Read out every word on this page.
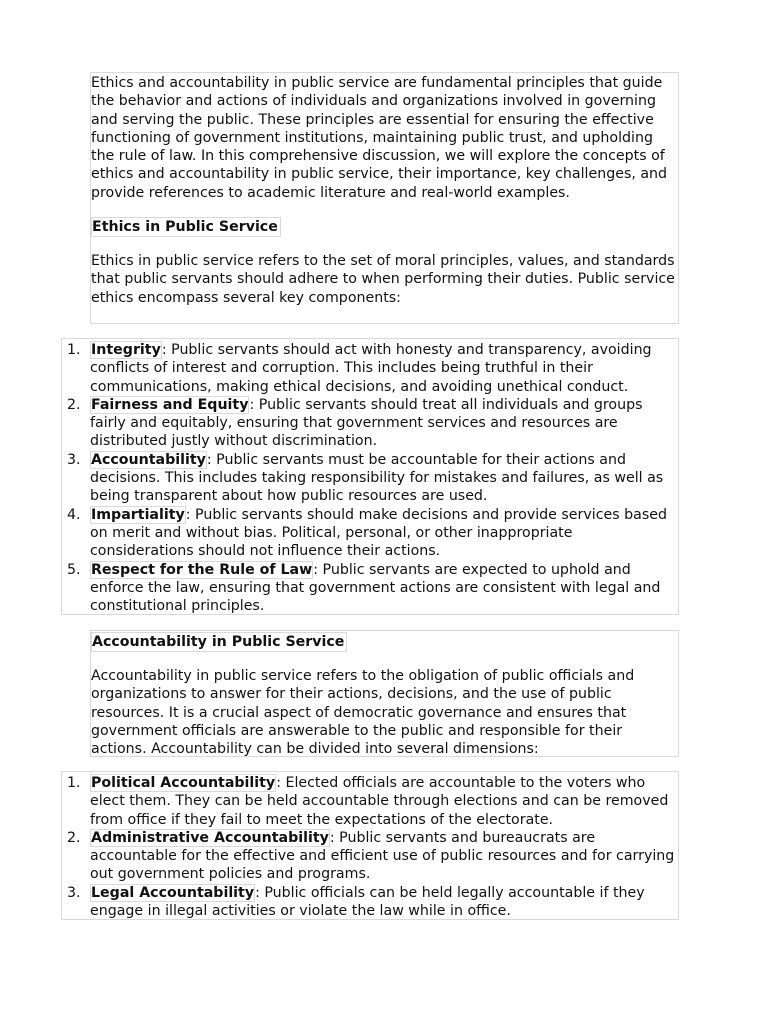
Ethics and accountability in public service are fundamental principles that guide the behavior and actions of individuals and organizations involved in governing and serving the public. These principles are essential for ensuring the effective functioning of government institutions, maintaining public trust, and upholding the rule of law. In this comprehensive discussion, we will explore the concepts of ethics and accountability in public service, their importance, key challenges, and provide references to academic literature and real-world examples.

Ethics in Public Service

Ethics in public service refers to the set of moral principles, values, and standards that public servants should adhere to when performing their duties. Public service ethics encompass several key components:

1. Integrity: Public servants should act with honesty and transparency, avoiding conflicts of interest and corruption. This includes being truthful in their communications, making ethical decisions, and avoiding unethical conduct.
2. Fairness and Equity: Public servants should treat all individuals and groups fairly and equitably, ensuring that government services and resources are distributed justly without discrimination.
3. Accountability: Public servants must be accountable for their actions and decisions. This includes taking responsibility for mistakes and failures, as well as being transparent about how public resources are used.
4. Impartiality: Public servants should make decisions and provide services based on merit and without bias. Political, personal, or other inappropriate considerations should not influence their actions.
5. Respect for the Rule of Law: Public servants are expected to uphold and enforce the law, ensuring that government actions are consistent with legal and constitutional principles.
Accountability in Public Service

Accountability in public service refers to the obligation of public officials and organizations to answer for their actions, decisions, and the use of public resources. It is a crucial aspect of democratic governance and ensures that government officials are answerable to the public and responsible for their actions. Accountability can be divided into several dimensions:

1. Political Accountability: Elected officials are accountable to the voters who elect them. They can be held accountable through elections and can be removed from office if they fail to meet the expectations of the electorate.
2. Administrative Accountability: Public servants and bureaucrats are accountable for the effective and efficient use of public resources and for carrying out government policies and programs.
3. Legal Accountability: Public officials can be held legally accountable if they engage in illegal activities or violate the law while in office.
